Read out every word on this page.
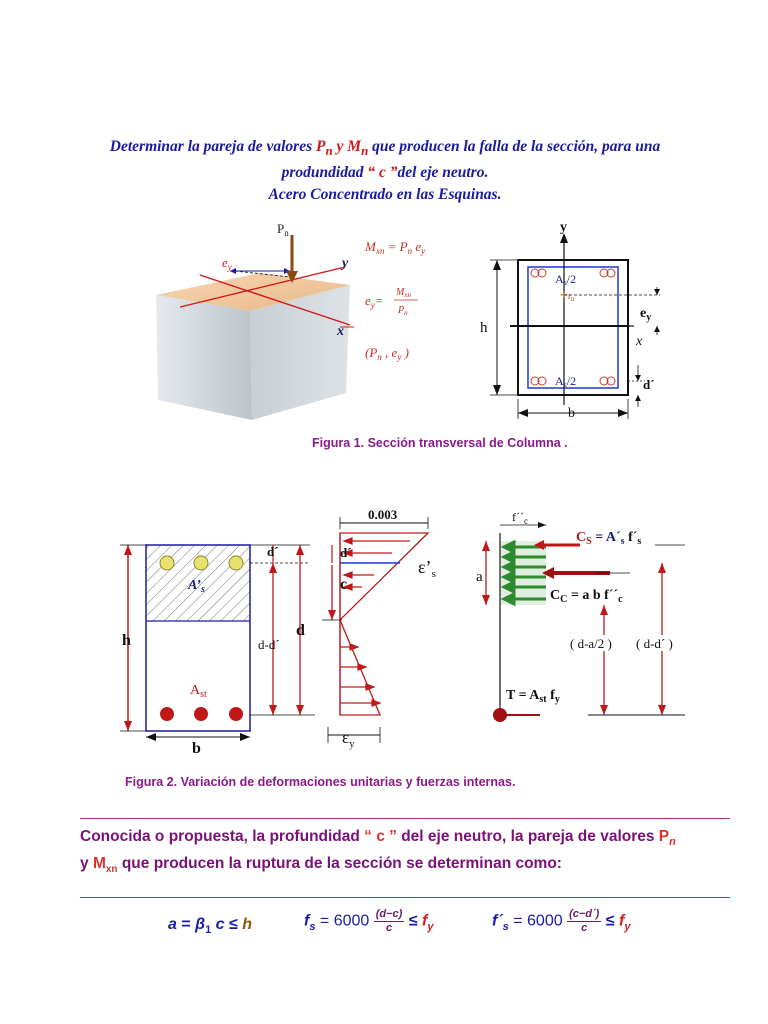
Determinar la pareja de valores $P_n$ y $M_n$ que producen la falla de la sección, para una
produndidad “ c ”del eje neutro.
Acero Concentrado en las Esquinas.
$P_n$
$e_y$	y
x
$M_{xn} = P_n$ $e_y$
$e_y=$
$M_{xn}$
$P_n$
($P_n$ , $e_y$ )
y
As/2
$r_n$
✣
As/2
h
b
$e_y$
x
d´
Figura 1. Sección transversal de Columna .
$A’_s$
$A_{st}$
h
b
d´
d-d´
d
0.003
d´
c
$\varepsilon’_s$
$\varepsilon_y$
$f´´_c$
a
$C_S$ = $A´_s$ $f´_s$
$C_C = a$ b $f´´_c$
( d-a/2 ) ( d-d´ )
$T = A_{st}$ $f_y$
Figura 2. Variación de deformaciones unitarias y fuerzas internas.
Conocida o propuesta, la profundidad “ c ” del eje neutro, la pareja de valores $P_n$
y $M_{xn}$ que producen la ruptura de la sección se determinan como:
$a = \beta_1$ c ≤ h	$f_s = 6000 \frac{(d-c)}{c} \le f_y$	$f´_s = 6000 \frac{(c-d´)}{c} \le f_y$
